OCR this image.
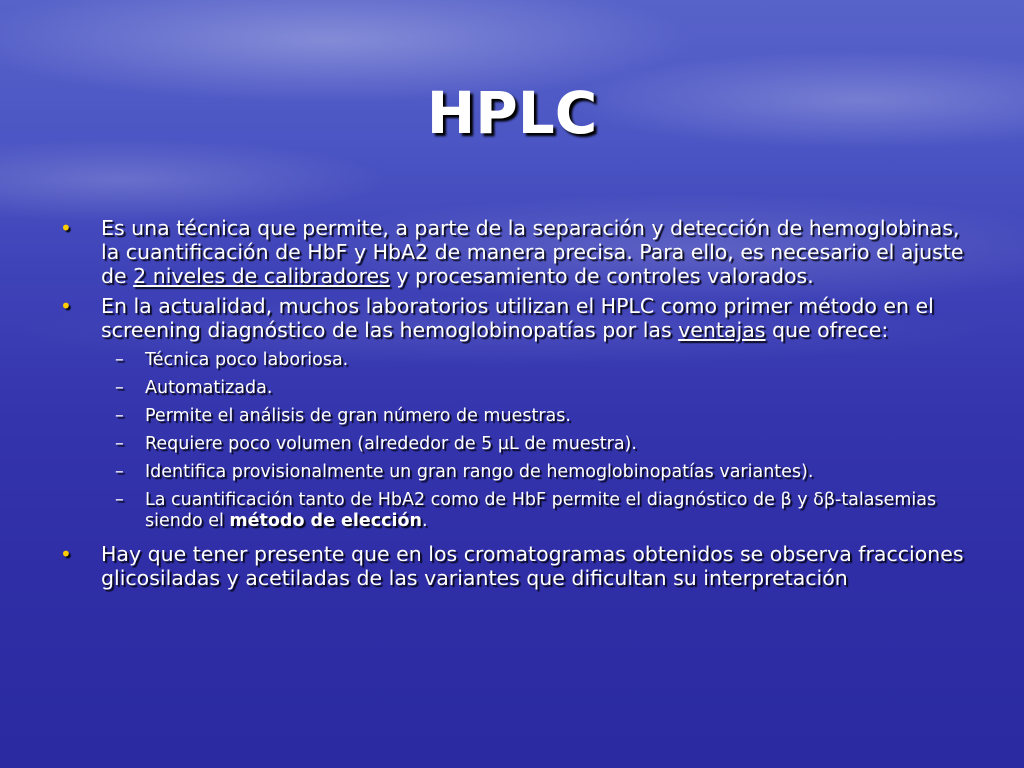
HPLC
• Es una técnica que permite, a parte de la separación y detección de hemoglobinas, la cuantificación de HbF y HbA2 de manera precisa. Para ello, es necesario el ajuste de 2 niveles de calibradores y procesamiento de controles valorados.
• En la actualidad, muchos laboratorios utilizan el HPLC como primer método en el screening diagnóstico de las hemoglobinopatías por las ventajas que ofrece:
– Técnica poco laboriosa.
– Automatizada.
– Permite el análisis de gran número de muestras.
– Requiere poco volumen (alrededor de 5 µL de muestra).
– Identifica provisionalmente un gran rango de hemoglobinopatías variantes).
– La cuantificación tanto de HbA2 como de HbF permite el diagnóstico de β y δβ-talasemias siendo el método de elección.
• Hay que tener presente que en los cromatogramas obtenidos se observa fracciones glicosiladas y acetiladas de las variantes que dificultan su interpretación
